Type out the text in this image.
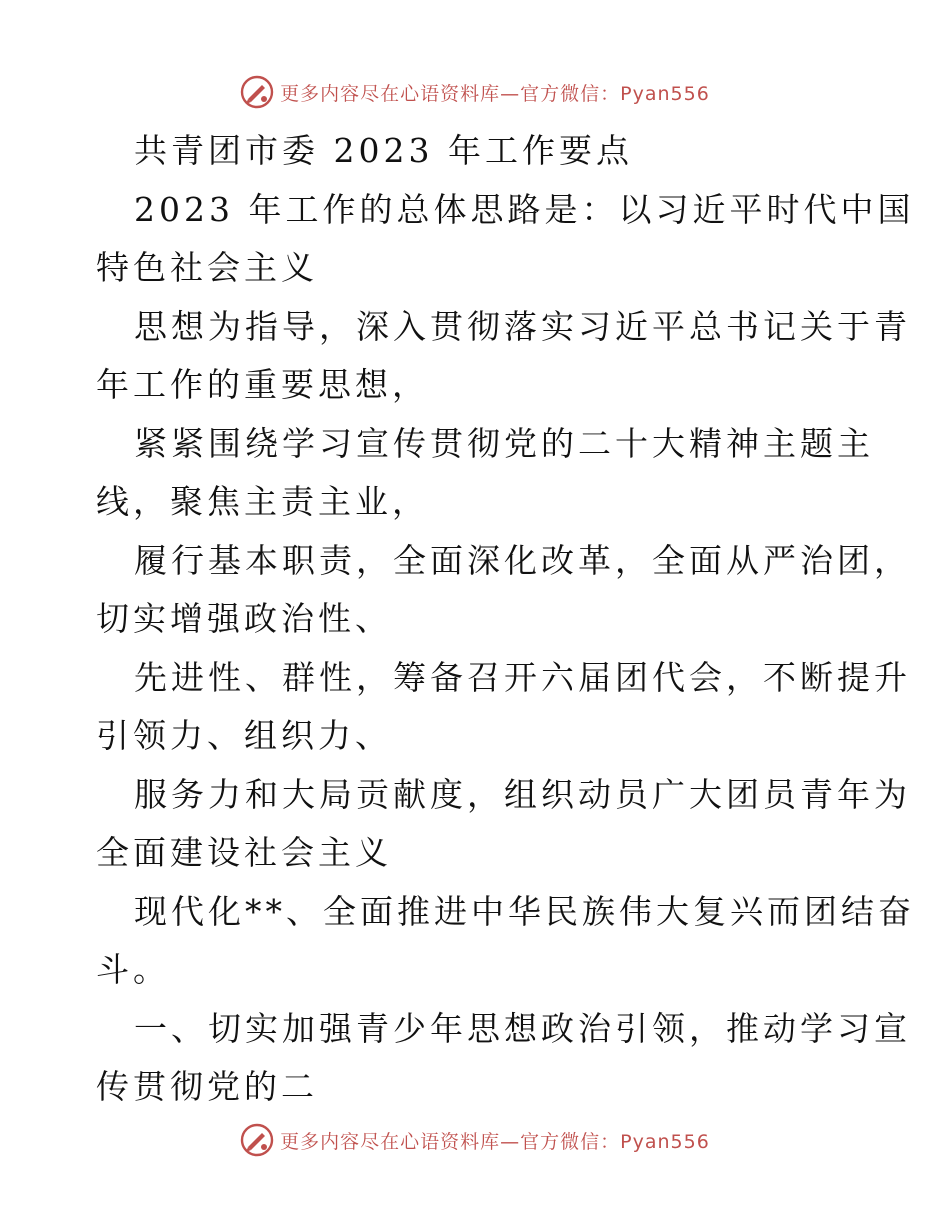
更多内容尽在心语资料库—官方微信：Pyan556
共青团市委 2023 年工作要点
2023 年工作的总体思路是：以习近平时代中国
特色社会主义
思想为指导，深入贯彻落实习近平总书记关于青
年工作的重要思想，
紧紧围绕学习宣传贯彻党的二十大精神主题主
线，聚焦主责主业，
履行基本职责，全面深化改革，全面从严治团，
切实增强政治性、
先进性、群性，筹备召开六届团代会，不断提升
引领力、组织力、
服务力和大局贡献度，组织动员广大团员青年为
全面建设社会主义
现代化**、全面推进中华民族伟大复兴而团结奋
斗。
一、切实加强青少年思想政治引领，推动学习宣
传贯彻党的二
更多内容尽在心语资料库—官方微信：Pyan556
